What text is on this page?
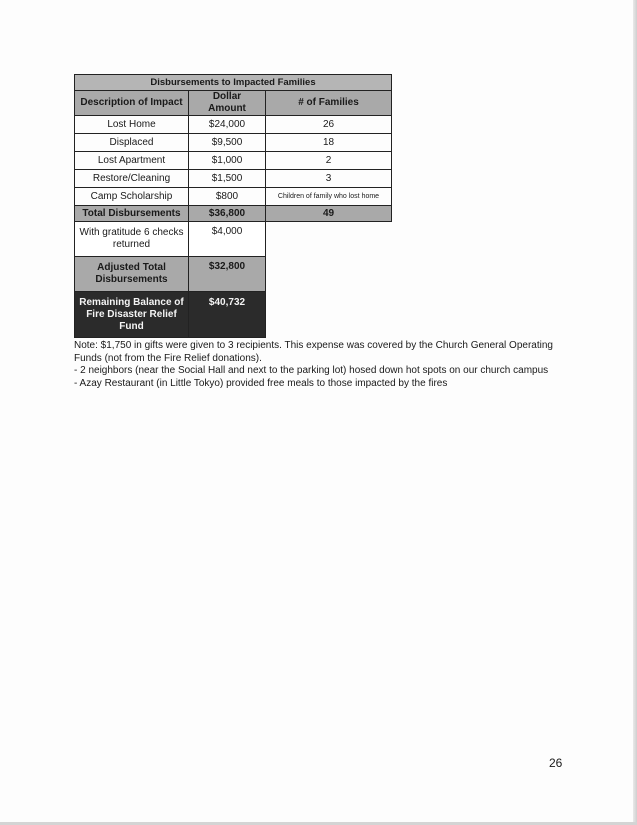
Disbursements to Impacted Families		
Description of Impact	Dollar Amount	# of Families
Lost Home	$24,000	26
Displaced	$9,500	18
Lost Apartment	$1,000	2
Restore/Cleaning	$1,500	3
Camp Scholarship	$800	Children of family who lost home
Total Disbursements	$36,800	49
With gratitude 6 checks returned	$4,000	
Adjusted Total Disbursements	$32,800	
Remaining Balance of Fire Disaster Relief Fund	$40,732	

Note: $1,750 in gifts were given to 3 recipients. This expense was covered by the Church General Operating Funds (not from the Fire Relief donations).

- 2 neighbors (near the Social Hall and next to the parking lot) hosed down hot spots on our church campus

- Azay Restaurant (in Little Tokyo) provided free meals to those impacted by the fires

26
